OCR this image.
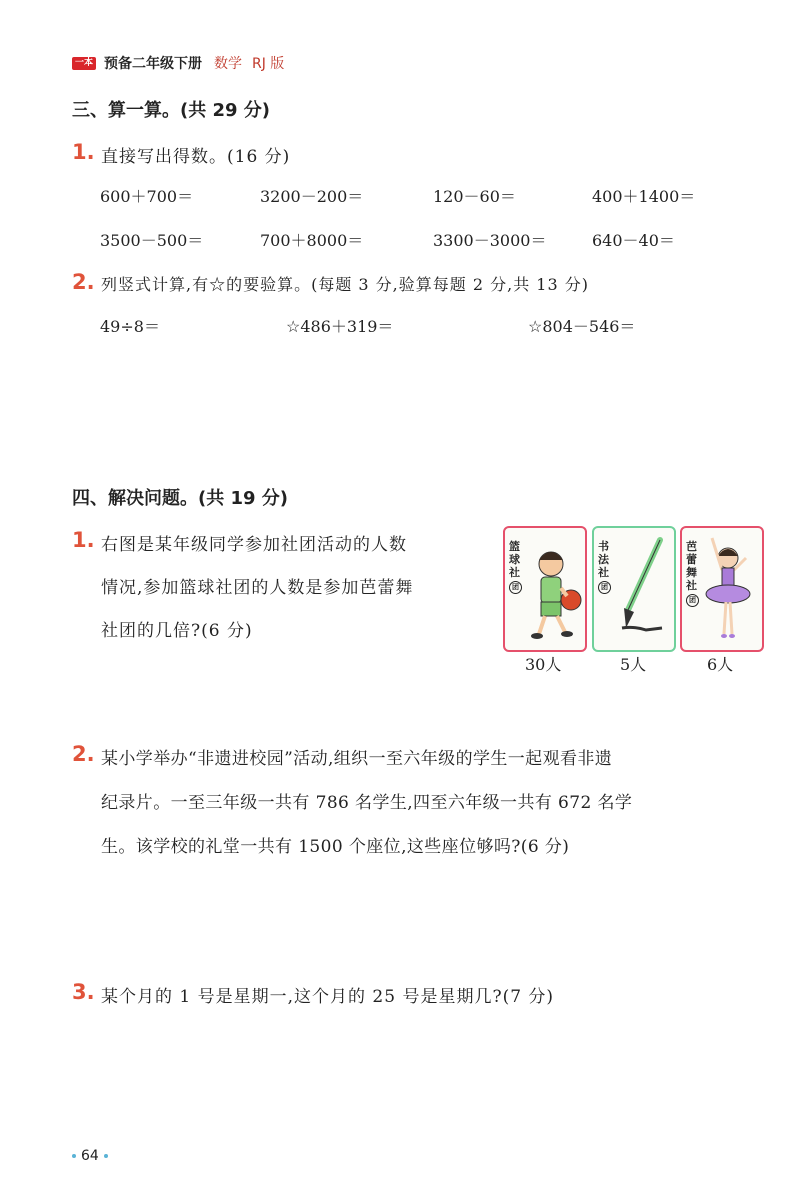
一本 预备二年级下册 数学 RJ 版
三、算一算。(共 29 分)
1. 直接写出得数。(16 分)
600＋700＝	3200－200＝	120－60＝	400＋1400＝
3500－500＝	700＋8000＝	3300－3000＝	640－40＝
2. 列竖式计算,有☆的要验算。(每题 3 分,验算每题 2 分,共 13 分)
49÷8＝	☆486＋319＝	☆804－546＝
四、解决问题。(共 19 分)
1. 右图是某年级同学参加社团活动的人数
情况,参加篮球社团的人数是参加芭蕾舞
社团的几倍?(6 分)
篮球社 团
书法社 团
芭蕾舞社 团
30人	5人	6人
2. 某小学举办“非遗进校园”活动,组织一至六年级的学生一起观看非遗
纪录片。一至三年级一共有 786 名学生,四至六年级一共有 672 名学
生。该学校的礼堂一共有 1500 个座位,这些座位够吗?(6 分)
3. 某个月的 1 号是星期一,这个月的 25 号是星期几?(7 分)
64
